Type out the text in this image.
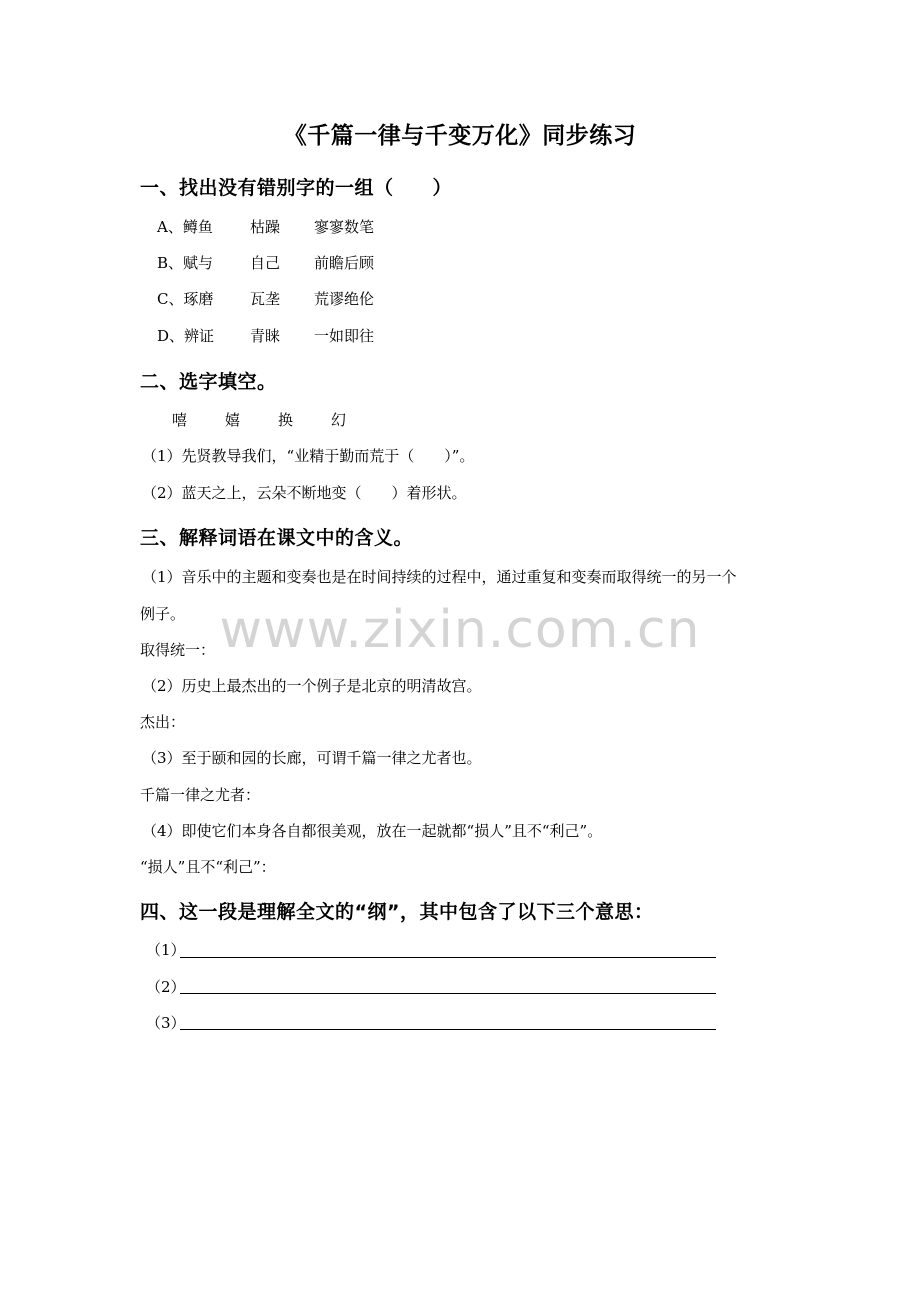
《千篇一律与千变万化》同步练习
www.zixin.com.cn
一、找出没有错别字的一组（　　）
A、鳟鱼 枯躁 寥寥数笔
B、赋与 自己 前瞻后顾
C、琢磨 瓦垄 荒谬绝伦
D、辨证 青睐 一如即往
二、选字填空。
嘻	嬉	换	幻
（1）先贤教导我们，“业精于勤而荒于（　　）”。
（2）蓝天之上，云朵不断地变（　　）着形状。
三、解释词语在课文中的含义。
（1）音乐中的主题和变奏也是在时间持续的过程中，通过重复和变奏而取得统一的另一个
例子。
取得统一：
（2）历史上最杰出的一个例子是北京的明清故宫。
杰出：
（3）至于颐和园的长廊，可谓千篇一律之尤者也。
千篇一律之尤者：
（4）即使它们本身各自都很美观，放在一起就都“损人”且不“利己”。
“损人”且不“利己”：
四、这一段是理解全文的“纲”，其中包含了以下三个意思：
（1）
（2）
（3）
